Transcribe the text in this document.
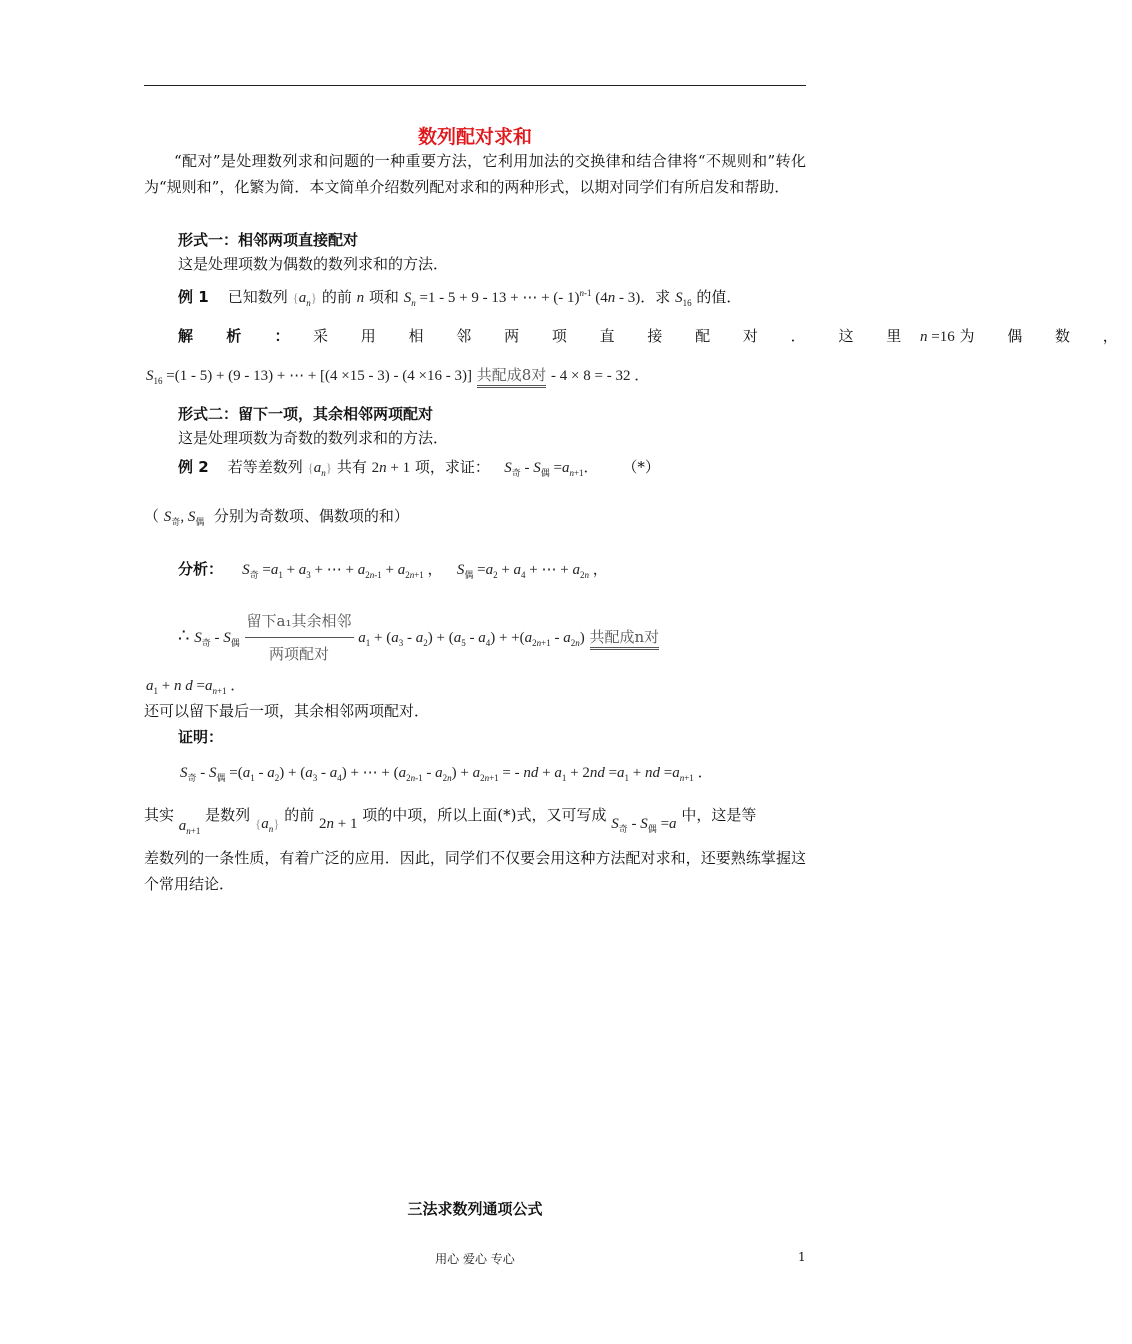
数列配对求和
“配对”是处理数列求和问题的一种重要方法，它利用加法的交换律和结合律将“不规则和”转化为“规则和”，化繁为简．本文简单介绍数列配对求和的两种形式，以期对同学们有所启发和帮助．
形式一：相邻两项直接配对
这是处理项数为偶数的数列求和的方法．
例 1 已知数列 $\{a_n\}$ 的前 n 项和 $S_n =1 - 5 + 9 - 13$ + ⋯ + (- 1)$^{n-1}$ (4n - 3)．求 $S_{16}$ 的值．
解 析 ： 采 用 相 邻 两 项 直 接 配 对 ． 这 里 n =16 为 偶 数 ，
$S_{16} =(1 - 5) + (9 - 13)$ + ⋯ + [(4 ×15 - 3) - (4 ×16 - 3)] 共配成8对 - 4 × 8 = - 32 ．
形式二：留下一项，其余相邻两项配对
这是处理项数为奇数的数列求和的方法．
例 2 若等差数列 $\{a_n\}$ 共有 2n + 1 项，求证： $S_奇 - S_偶 =a_{n+1}$． （*）
（ $S_奇$, $S_偶$ 分别为奇数项、偶数项的和）
分析： $S_奇 =a_1 + a_3$ + ⋯ + $a_{2n-1} + a_{2n+1}$ ， $S_偶 =a_2 + a_4$ + ⋯ + $a_{2n}$ ，
∴ $S_奇 - S_偶 \frac{\text{留下a₁其余相邻}}{\text{两项配对}} a_1 + (a_3 - a_2) + (a_5 - a_4) + +(a_{2n+1} - a_{2n})$ 共配成n对
$a_1 + n$ $d =a_{n+1}$ ．
还可以留下最后一项，其余相邻两项配对．
证明：
$S_奇 - S_偶 =(a_1 - a_2) + (a_3 - a_4)$ + ⋯ + $(a_{2n-1} - a_{2n}) + a_{2n+1}$ = - nd + $a_1 + 2nd =a_1$ + nd $=a_{n+1}$ ．
其实 $a_{n+1}$ 是数列 $\{a_n\}$ 的前 2n + 1 项的中项，所以上面(*)式，又可写成 $S_奇 - S_偶 =a$ 中，这是等
差数列的一条性质，有着广泛的应用．因此，同学们不仅要会用这种方法配对求和，还要熟练掌握这个常用结论．
三法求数列通项公式
用心 爱心 专心	1
